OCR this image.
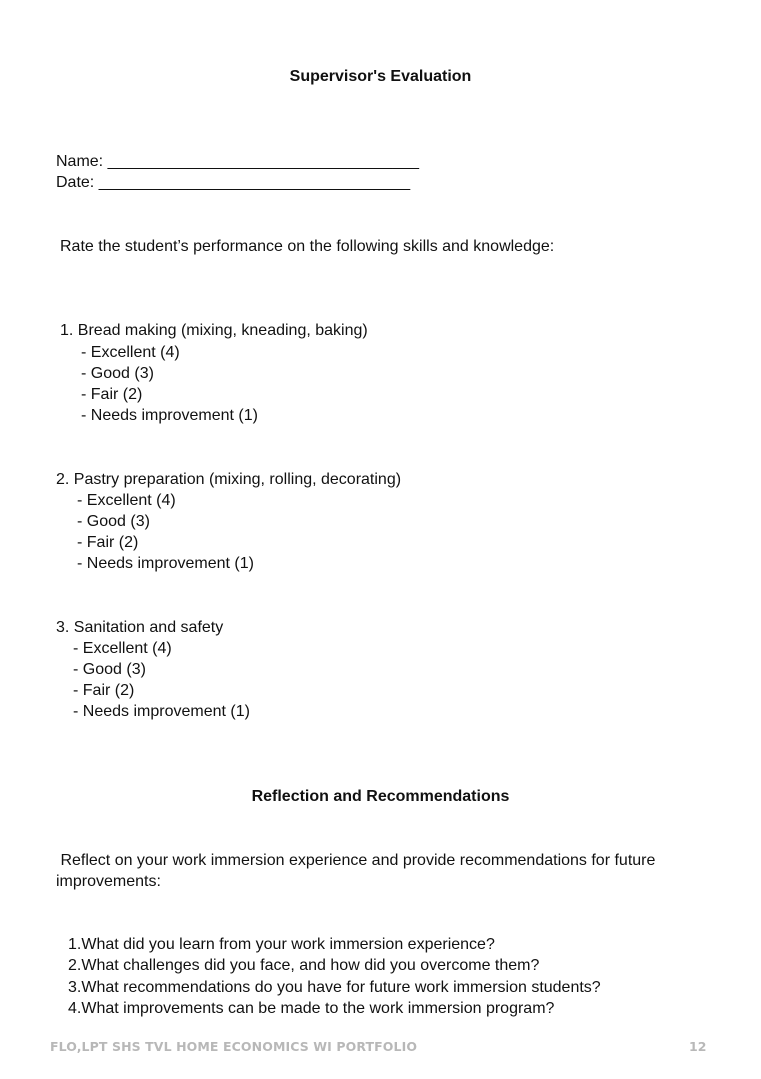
Supervisor's Evaluation
Name: ___________________________________
Date: ___________________________________
Rate the student’s performance on the following skills and knowledge:
1. Bread making (mixing, kneading, baking)
- Excellent (4)
- Good (3)
- Fair (2)
- Needs improvement (1)
2. Pastry preparation (mixing, rolling, decorating)
- Excellent (4)
- Good (3)
- Fair (2)
- Needs improvement (1)
3. Sanitation and safety
- Excellent (4)
- Good (3)
- Fair (2)
- Needs improvement (1)
Reflection and Recommendations
Reflect on your work immersion experience and provide recommendations for future
improvements:
1.What did you learn from your work immersion experience?
2.What challenges did you face, and how did you overcome them?
3.What recommendations do you have for future work immersion students?
4.What improvements can be made to the work immersion program?
FLO,LPT SHS TVL HOME ECONOMICS WI PORTFOLIO	12
